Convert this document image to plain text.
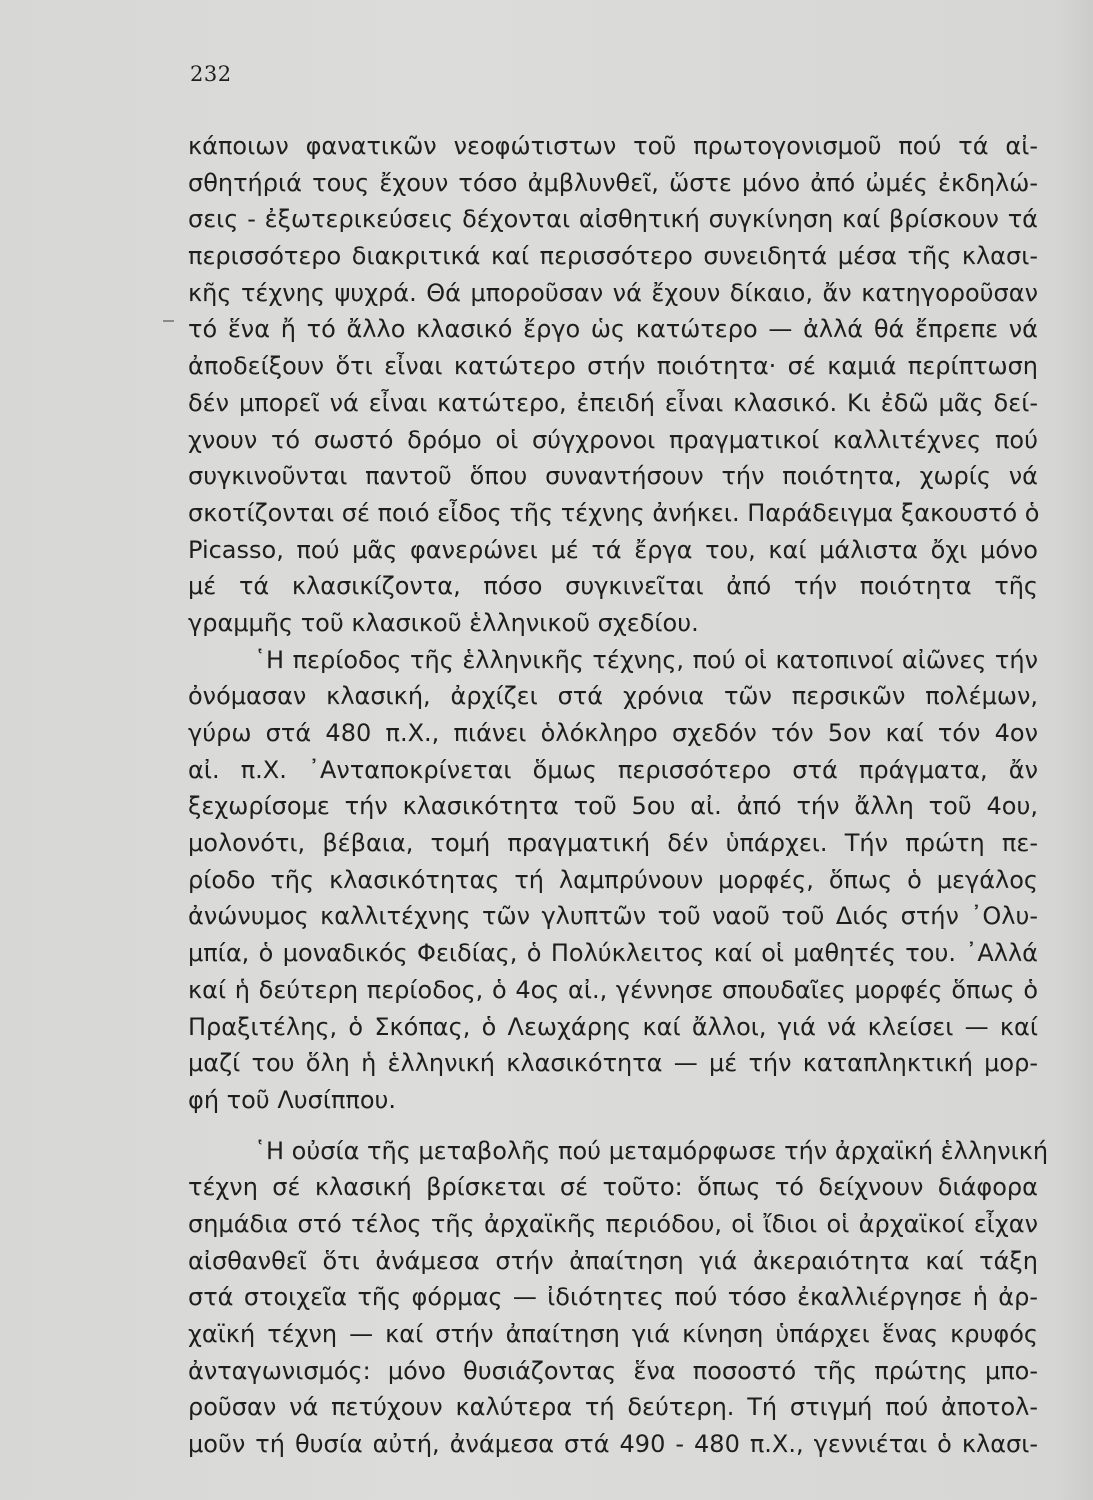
232
κάποιων φανατικῶν νεοφώτιστων τοῦ πρωτογονισμοῦ πού τά αἰ-
σθητήριά τους ἔχουν τόσο ἀμβλυνθεῖ, ὥστε μόνο ἀπό ὠμές ἐκδηλώ-
σεις - ἐξωτερικεύσεις δέχονται αἰσθητική συγκίνηση καί βρίσκουν τά
περισσότερο διακριτικά καί περισσότερο συνειδητά μέσα τῆς κλασι-
κῆς τέχνης ψυχρά. Θά μποροῦσαν νά ἔχουν δίκαιο, ἄν κατηγοροῦσαν
τό ἕνα ἤ τό ἄλλο κλασικό ἔργο ὡς κατώτερο — ἀλλά θά ἔπρεπε νά
ἀποδείξουν ὅτι εἶναι κατώτερο στήν ποιότητα· σέ καμιά περίπτωση
δέν μπορεῖ νά εἶναι κατώτερο, ἐπειδή εἶναι κλασικό. Κι ἐδῶ μᾶς δεί-
χνουν τό σωστό δρόμο οἱ σύγχρονοι πραγματικοί καλλιτέχνες πού
συγκινοῦνται παντοῦ ὅπου συναντήσουν τήν ποιότητα, χωρίς νά
σκοτίζονται σέ ποιό εἶδος τῆς τέχνης ἀνήκει. Παράδειγμα ξακουστό ὁ
Picasso, πού μᾶς φανερώνει μέ τά ἔργα του, καί μάλιστα ὄχι μόνο
μέ τά κλασικίζοντα, πόσο συγκινεῖται ἀπό τήν ποιότητα τῆς
γραμμῆς τοῦ κλασικοῦ ἑλληνικοῦ σχεδίου.
῾Η περίοδος τῆς ἑλληνικῆς τέχνης, πού οἱ κατοπινοί αἰῶνες τήν
ὀνόμασαν κλασική, ἀρχίζει στά χρόνια τῶν περσικῶν πολέμων,
γύρω στά 480 π.Χ., πιάνει ὁλόκληρο σχεδόν τόν 5ον καί τόν 4ον
αἰ. π.Χ. ᾽Ανταποκρίνεται ὅμως περισσότερο στά πράγματα, ἄν
ξεχωρίσομε τήν κλασικότητα τοῦ 5ου αἰ. ἀπό τήν ἄλλη τοῦ 4ου,
μολονότι, βέβαια, τομή πραγματική δέν ὑπάρχει. Τήν πρώτη πε-
ρίοδο τῆς κλασικότητας τή λαμπρύνουν μορφές, ὅπως ὁ μεγάλος
ἀνώνυμος καλλιτέχνης τῶν γλυπτῶν τοῦ ναοῦ τοῦ Διός στήν ᾽Ολυ-
μπία, ὁ μοναδικός Φειδίας, ὁ Πολύκλειτος καί οἱ μαθητές του. ᾽Αλλά
καί ἡ δεύτερη περίοδος, ὁ 4ος αἰ., γέννησε σπουδαῖες μορφές ὅπως ὁ
Πραξιτέλης, ὁ Σκόπας, ὁ Λεωχάρης καί ἄλλοι, γιά νά κλείσει — καί
μαζί του ὅλη ἡ ἑλληνική κλασικότητα — μέ τήν καταπληκτική μορ-
φή τοῦ Λυσίππου.
῾Η οὐσία τῆς μεταβολῆς πού μεταμόρφωσε τήν ἀρχαϊκή ἑλληνική
τέχνη σέ κλασική βρίσκεται σέ τοῦτο: ὅπως τό δείχνουν διάφορα
σημάδια στό τέλος τῆς ἀρχαϊκῆς περιόδου, οἱ ἴδιοι οἱ ἀρχαϊκοί εἶχαν
αἰσθανθεῖ ὅτι ἀνάμεσα στήν ἀπαίτηση γιά ἀκεραιότητα καί τάξη
στά στοιχεῖα τῆς φόρμας — ἰδιότητες πού τόσο ἐκαλλιέργησε ἡ ἀρ-
χαϊκή τέχνη — καί στήν ἀπαίτηση γιά κίνηση ὑπάρχει ἕνας κρυφός
ἀνταγωνισμός: μόνο θυσιάζοντας ἕνα ποσοστό τῆς πρώτης μπο-
ροῦσαν νά πετύχουν καλύτερα τή δεύτερη. Τή στιγμή πού ἀποτολ-
μοῦν τή θυσία αὐτή, ἀνάμεσα στά 490 - 480 π.Χ., γεννιέται ὁ κλασι-
